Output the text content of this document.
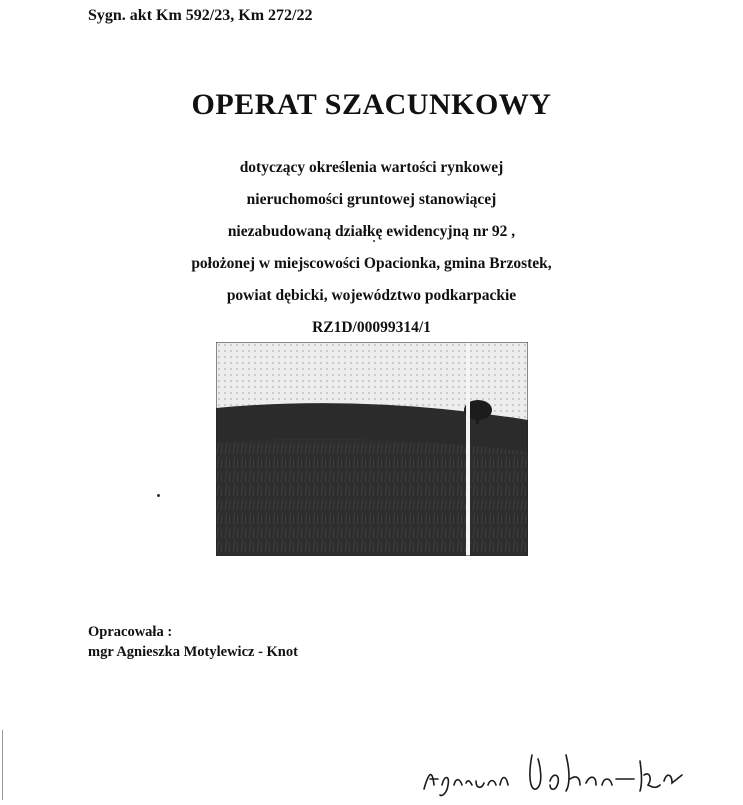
Sygn. akt Km 592/23, Km 272/22
OPERAT SZACUNKOWY
dotyczący określenia wartości rynkowej
nieruchomości gruntowej stanowiącej
niezabudowaną działkę ewidencyjną nr 92 ,
położonej w miejscowości Opacionka, gmina Brzostek,
powiat dębicki, województwo podkarpackie
RZ1D/00099314/1
Opracowała :
mgr Agnieszka Motylewicz - Knot
